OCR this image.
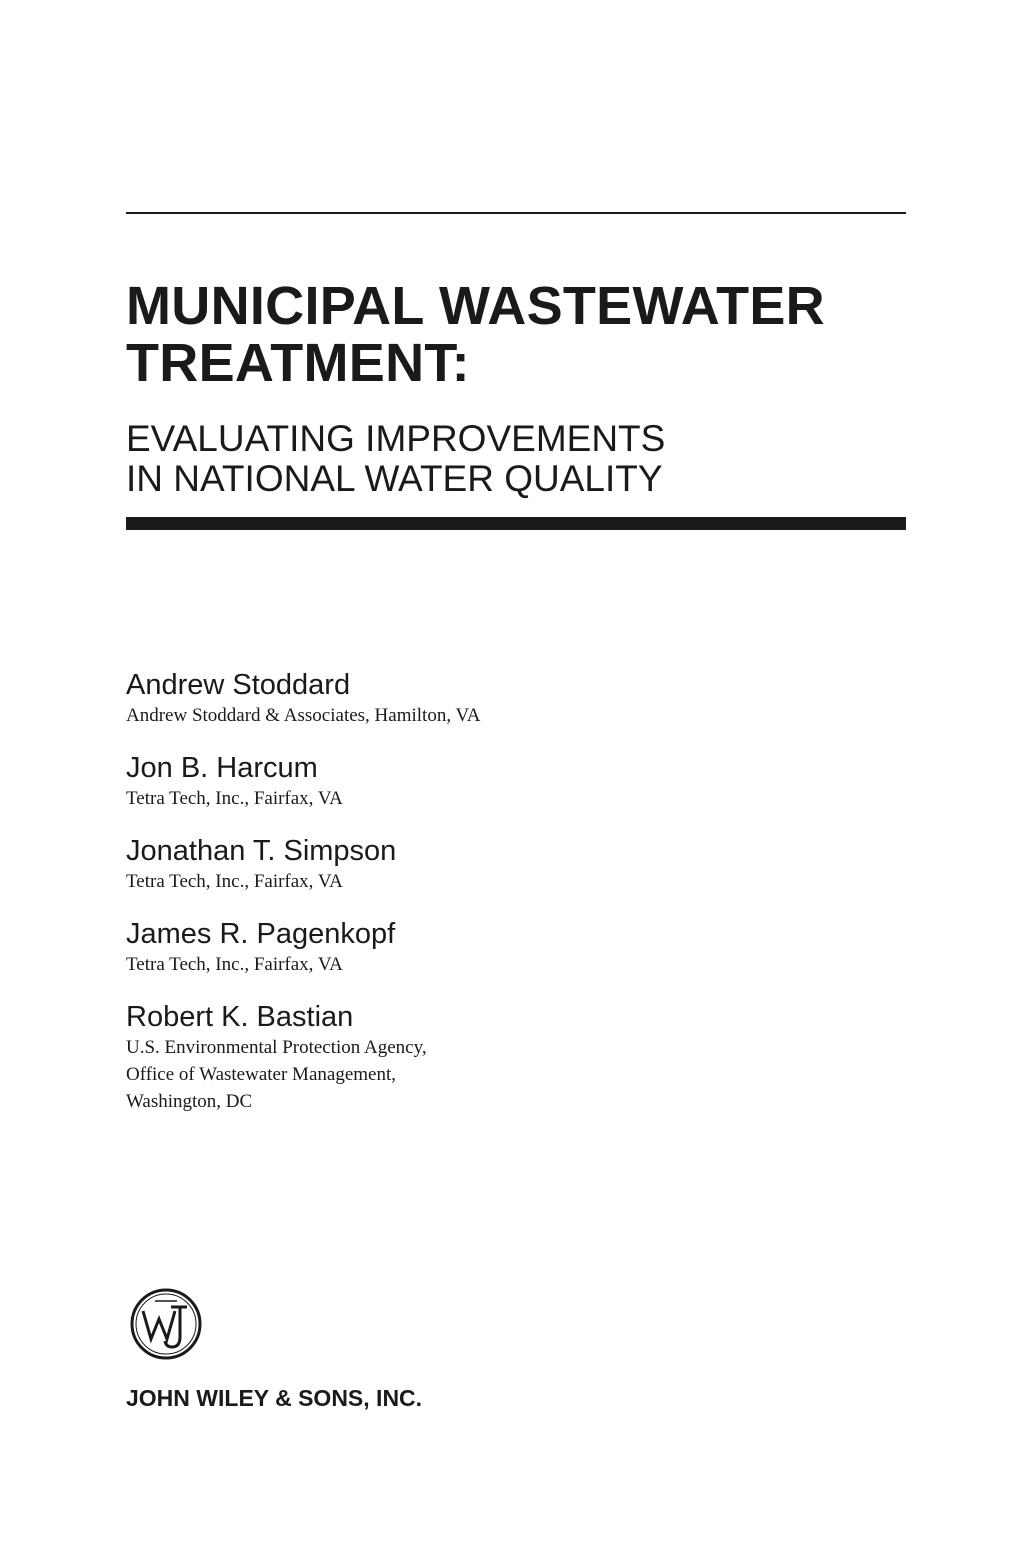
MUNICIPAL WASTEWATER
TREATMENT:
EVALUATING IMPROVEMENTS
IN NATIONAL WATER QUALITY
Andrew Stoddard
Andrew Stoddard & Associates, Hamilton, VA
Jon B. Harcum
Tetra Tech, Inc., Fairfax, VA
Jonathan T. Simpson
Tetra Tech, Inc., Fairfax, VA
James R. Pagenkopf
Tetra Tech, Inc., Fairfax, VA
Robert K. Bastian
U.S. Environmental Protection Agency,
Office of Wastewater Management,
Washington, DC

JOHN WILEY & SONS, INC.
